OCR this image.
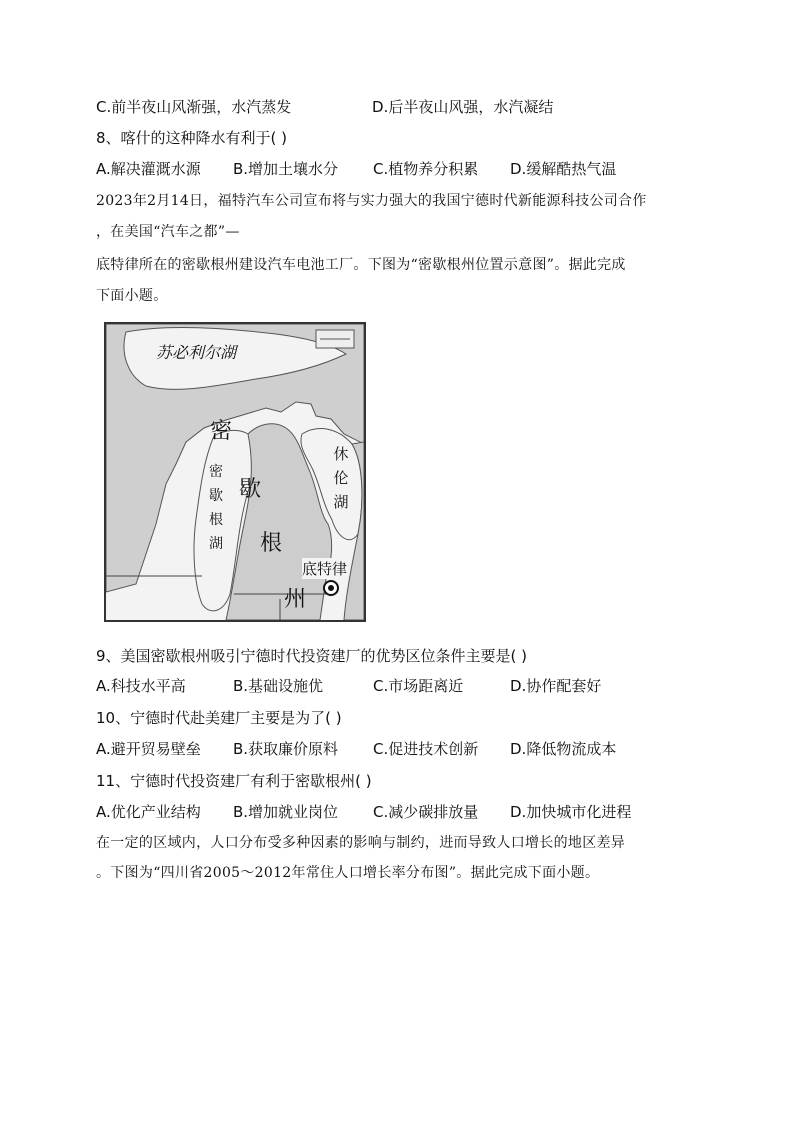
C.前半夜山风渐强，水汽蒸发	D.后半夜山风强，水汽凝结
8、喀什的这种降水有利于( )
A.解决灌溉水源 B.增加土壤水分 C.植物养分积累 D.缓解酷热气温
2023年2月14日，福特汽车公司宣布将与实力强大的我国宁德时代新能源科技公司合作
，在美国“汽车之都”—
底特律所在的密歇根州建设汽车电池工厂。下图为“密歇根州位置示意图”。据此完成
下面小题。
苏必利尔湖
密
歇
根
湖
休
伦
湖
密
歇
根
州
底特律
9、美国密歇根州吸引宁德时代投资建厂的优势区位条件主要是( )
A.科技水平高	B.基础设施优	C.市场距离近	D.协作配套好
10、宁德时代赴美建厂主要是为了( )
A.避开贸易壁垒 B.获取廉价原料 C.促进技术创新 D.降低物流成本
11、宁德时代投资建厂有利于密歇根州( )
A.优化产业结构 B.增加就业岗位 C.减少碳排放量 D.加快城市化进程
在一定的区域内，人口分布受多种因素的影响与制约，进而导致人口增长的地区差异
。下图为“四川省2005～2012年常住人口增长率分布图”。据此完成下面小题。
